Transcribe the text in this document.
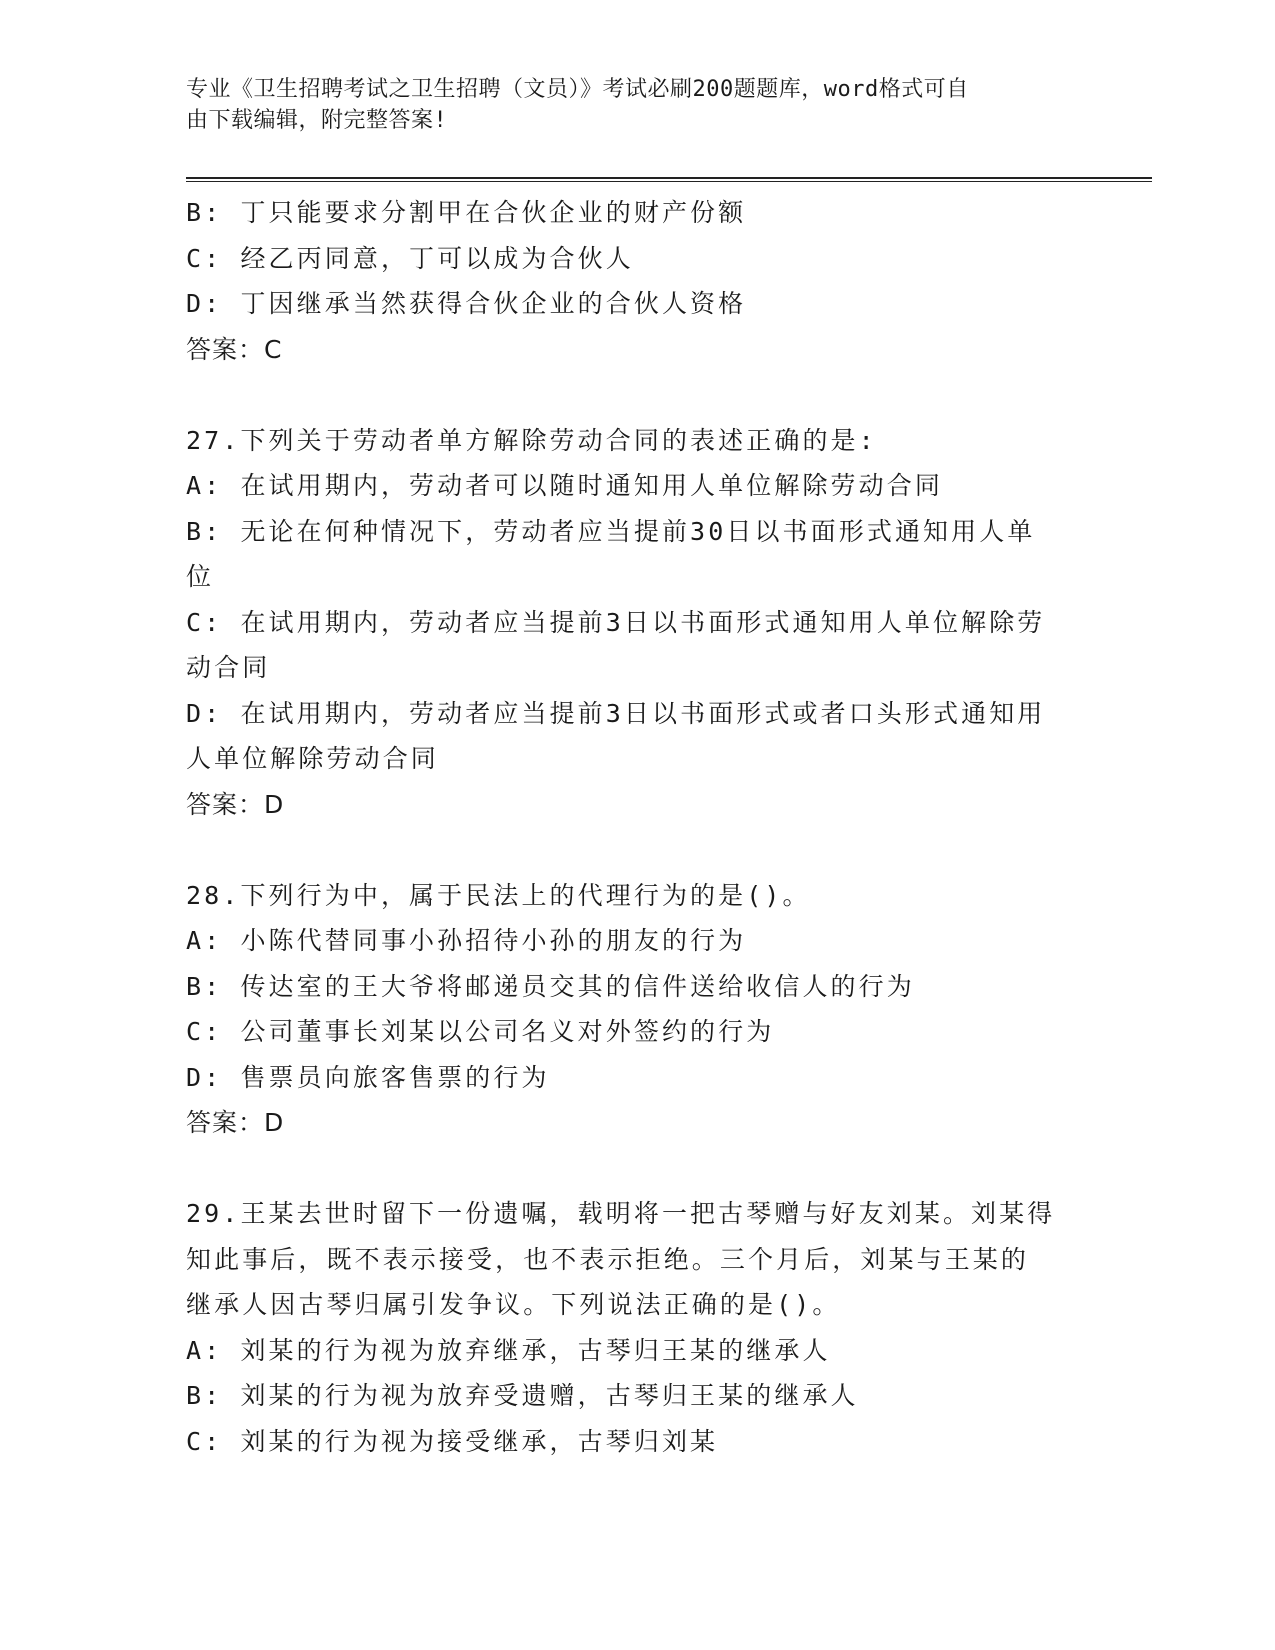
专业《卫生招聘考试之卫生招聘（文员）》考试必刷200题题库，word格式可自
由下载编辑，附完整答案!
B: 丁只能要求分割甲在合伙企业的财产份额
C: 经乙丙同意，丁可以成为合伙人
D: 丁因继承当然获得合伙企业的合伙人资格
答案：C
27.下列关于劳动者单方解除劳动合同的表述正确的是:
A: 在试用期内，劳动者可以随时通知用人单位解除劳动合同
B: 无论在何种情况下，劳动者应当提前30日以书面形式通知用人单
位
C: 在试用期内，劳动者应当提前3日以书面形式通知用人单位解除劳
动合同
D: 在试用期内，劳动者应当提前3日以书面形式或者口头形式通知用
人单位解除劳动合同
答案：D
28.下列行为中，属于民法上的代理行为的是()。
A: 小陈代替同事小孙招待小孙的朋友的行为
B: 传达室的王大爷将邮递员交其的信件送给收信人的行为
C: 公司董事长刘某以公司名义对外签约的行为
D: 售票员向旅客售票的行为
答案：D
29.王某去世时留下一份遗嘱，载明将一把古琴赠与好友刘某。刘某得
知此事后，既不表示接受，也不表示拒绝。三个月后，刘某与王某的
继承人因古琴归属引发争议。下列说法正确的是()。
A: 刘某的行为视为放弃继承，古琴归王某的继承人
B: 刘某的行为视为放弃受遗赠，古琴归王某的继承人
C: 刘某的行为视为接受继承，古琴归刘某
